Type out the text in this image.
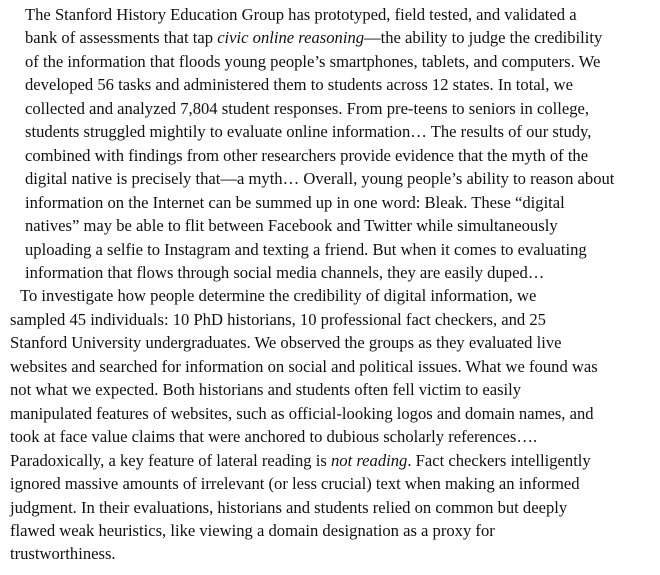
The Stanford History Education Group has prototyped, field tested, and validated a
bank of assessments that tap civic online reasoning—the ability to judge the credibility
of the information that floods young people’s smartphones, tablets, and computers. We
developed 56 tasks and administered them to students across 12 states. In total, we
collected and analyzed 7,804 student responses. From pre-teens to seniors in college,
students struggled mightily to evaluate online information… The results of our study,
combined with findings from other researchers provide evidence that the myth of the
digital native is precisely that—a myth… Overall, young people’s ability to reason about
information on the Internet can be summed up in one word: Bleak. These “digital
natives” may be able to flit between Facebook and Twitter while simultaneously
uploading a selfie to Instagram and texting a friend. But when it comes to evaluating
information that flows through social media channels, they are easily duped…
To investigate how people determine the credibility of digital information, we
sampled 45 individuals: 10 PhD historians, 10 professional fact checkers, and 25
Stanford University undergraduates. We observed the groups as they evaluated live
websites and searched for information on social and political issues. What we found was
not what we expected. Both historians and students often fell victim to easily
manipulated features of websites, such as official-looking logos and domain names, and
took at face value claims that were anchored to dubious scholarly references….
Paradoxically, a key feature of lateral reading is not reading. Fact checkers intelligently
ignored massive amounts of irrelevant (or less crucial) text when making an informed
judgment. In their evaluations, historians and students relied on common but deeply
flawed weak heuristics, like viewing a domain designation as a proxy for
trustworthiness.
